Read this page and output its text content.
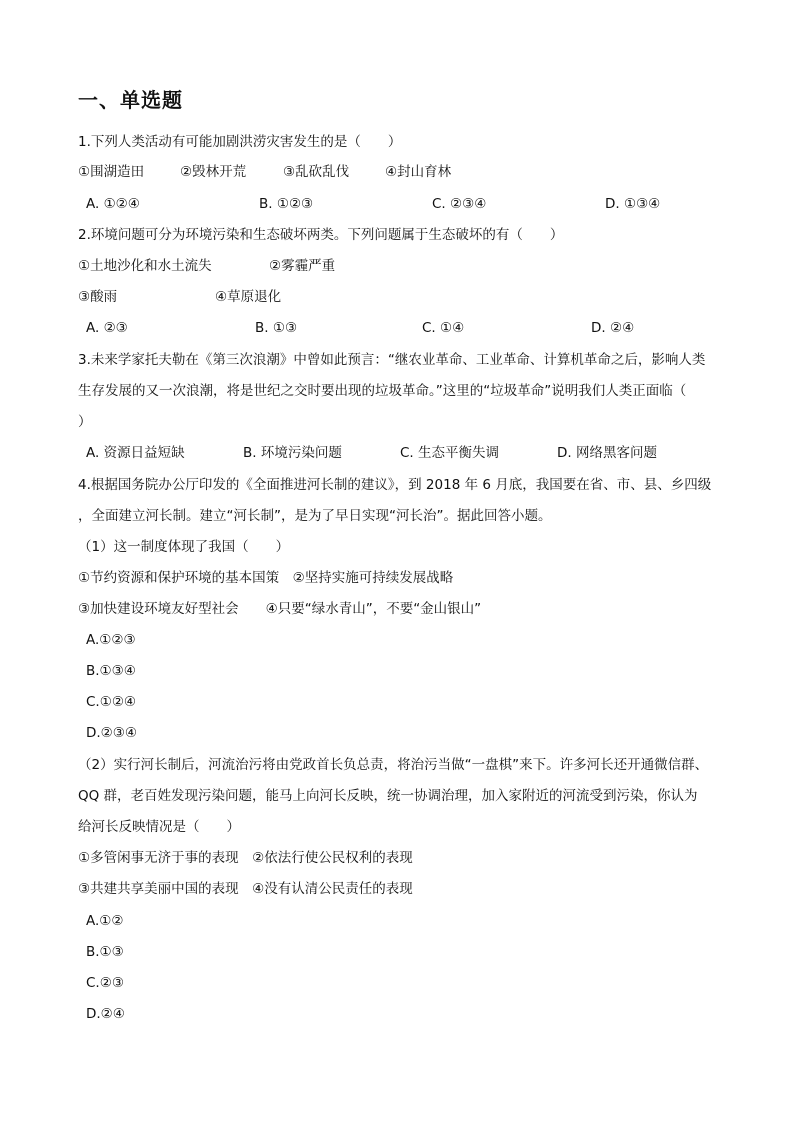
一、单选题
1.下列人类活动有可能加剧洪涝灾害发生的是（　　）
①围湖造田	②毁林开荒	③乱砍乱伐	④封山育林
A. ①②④	B. ①②③	C. ②③④	D. ①③④
2.环境问题可分为环境污染和生态破坏两类。下列问题属于生态破坏的有（　　）
①土地沙化和水土流失	②雾霾严重
③酸雨	④草原退化
A. ②③	B. ①③	C. ①④	D. ②④
3.未来学家托夫勒在《第三次浪潮》中曾如此预言：“继农业革命、工业革命、计算机革命之后，影响人类
生存发展的又一次浪潮，将是世纪之交时要出现的垃圾革命。”这里的“垃圾革命”说明我们人类正面临（
）
A. 资源日益短缺	B. 环境污染问题	C. 生态平衡失调	D. 网络黑客问题
4.根据国务院办公厅印发的《全面推进河长制的建议》，到 2018 年 6 月底，我国要在省、市、县、乡四级
，全面建立河长制。建立“河长制”，是为了早日实现“河长治”。据此回答小题。
（1）这一制度体现了我国（　　）
①节约资源和保护环境的基本国策　②坚持实施可持续发展战略
③加快建设环境友好型社会　　④只要“绿水青山”，不要“金山银山”
A.①②③
B.①③④
C.①②④
D.②③④
（2）实行河长制后，河流治污将由党政首长负总责，将治污当做“一盘棋”来下。许多河长还开通微信群、
QQ 群，老百姓发现污染问题，能马上向河长反映，统一协调治理，加入家附近的河流受到污染，你认为
给河长反映情况是（　　）
①多管闲事无济于事的表现　②依法行使公民权利的表现
③共建共享美丽中国的表现　④没有认清公民责任的表现
A.①②
B.①③
C.②③
D.②④
